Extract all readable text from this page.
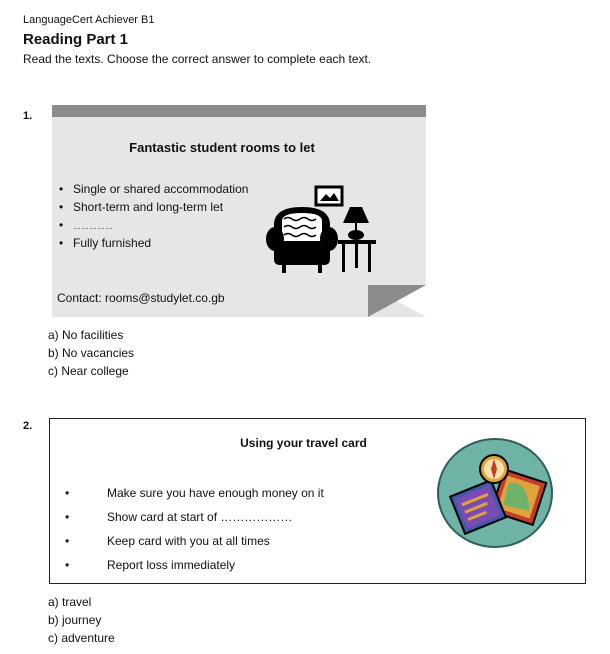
LanguageCert Achiever B1
Reading Part 1
Read the texts. Choose the correct answer to complete each text.
1.
Fantastic student rooms to let
• Single or shared accommodation
• Short-term and long-term let
• ……………
• Fully furnished
Contact: rooms@studylet.co.gb
a) No facilities
b) No vacancies
c) Near college
2.
Using your travel card
•	Make sure you have enough money on it
•	Show card at start of ………………
•	Keep card with you at all times
•	Report loss immediately
a) travel
b) journey
c) adventure
